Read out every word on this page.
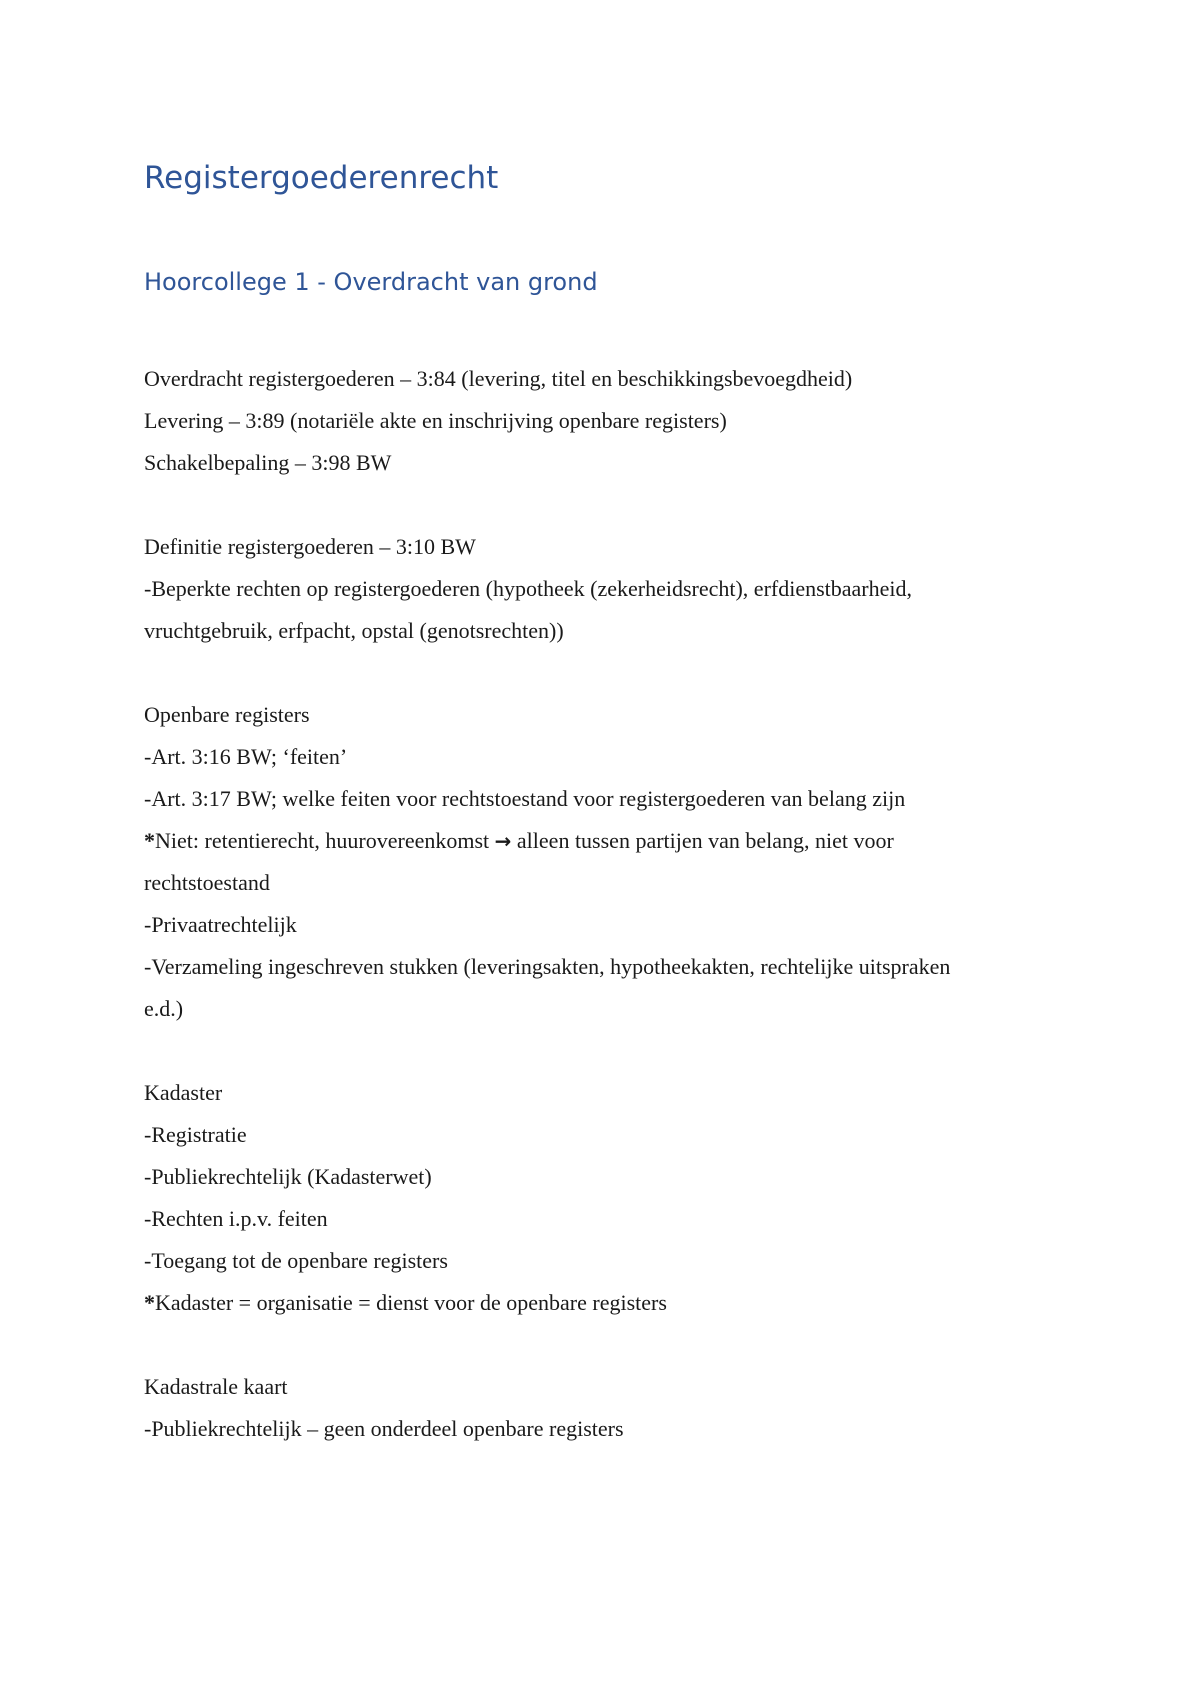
Registergoederenrecht
Hoorcollege 1 - Overdracht van grond
Overdracht registergoederen – 3:84 (levering, titel en beschikkingsbevoegdheid)
Levering – 3:89 (notariële akte en inschrijving openbare registers)
Schakelbepaling – 3:98 BW
Definitie registergoederen – 3:10 BW
-Beperkte rechten op registergoederen (hypotheek (zekerheidsrecht), erfdienstbaarheid,
vruchtgebruik, erfpacht, opstal (genotsrechten))
Openbare registers
-Art. 3:16 BW; ‘feiten’
-Art. 3:17 BW; welke feiten voor rechtstoestand voor registergoederen van belang zijn
*Niet: retentierecht, huurovereenkomst → alleen tussen partijen van belang, niet voor
rechtstoestand
-Privaatrechtelijk
-Verzameling ingeschreven stukken (leveringsakten, hypotheekakten, rechtelijke uitspraken
e.d.)
Kadaster
-Registratie
-Publiekrechtelijk (Kadasterwet)
-Rechten i.p.v. feiten
-Toegang tot de openbare registers
*Kadaster = organisatie = dienst voor de openbare registers
Kadastrale kaart
-Publiekrechtelijk – geen onderdeel openbare registers
